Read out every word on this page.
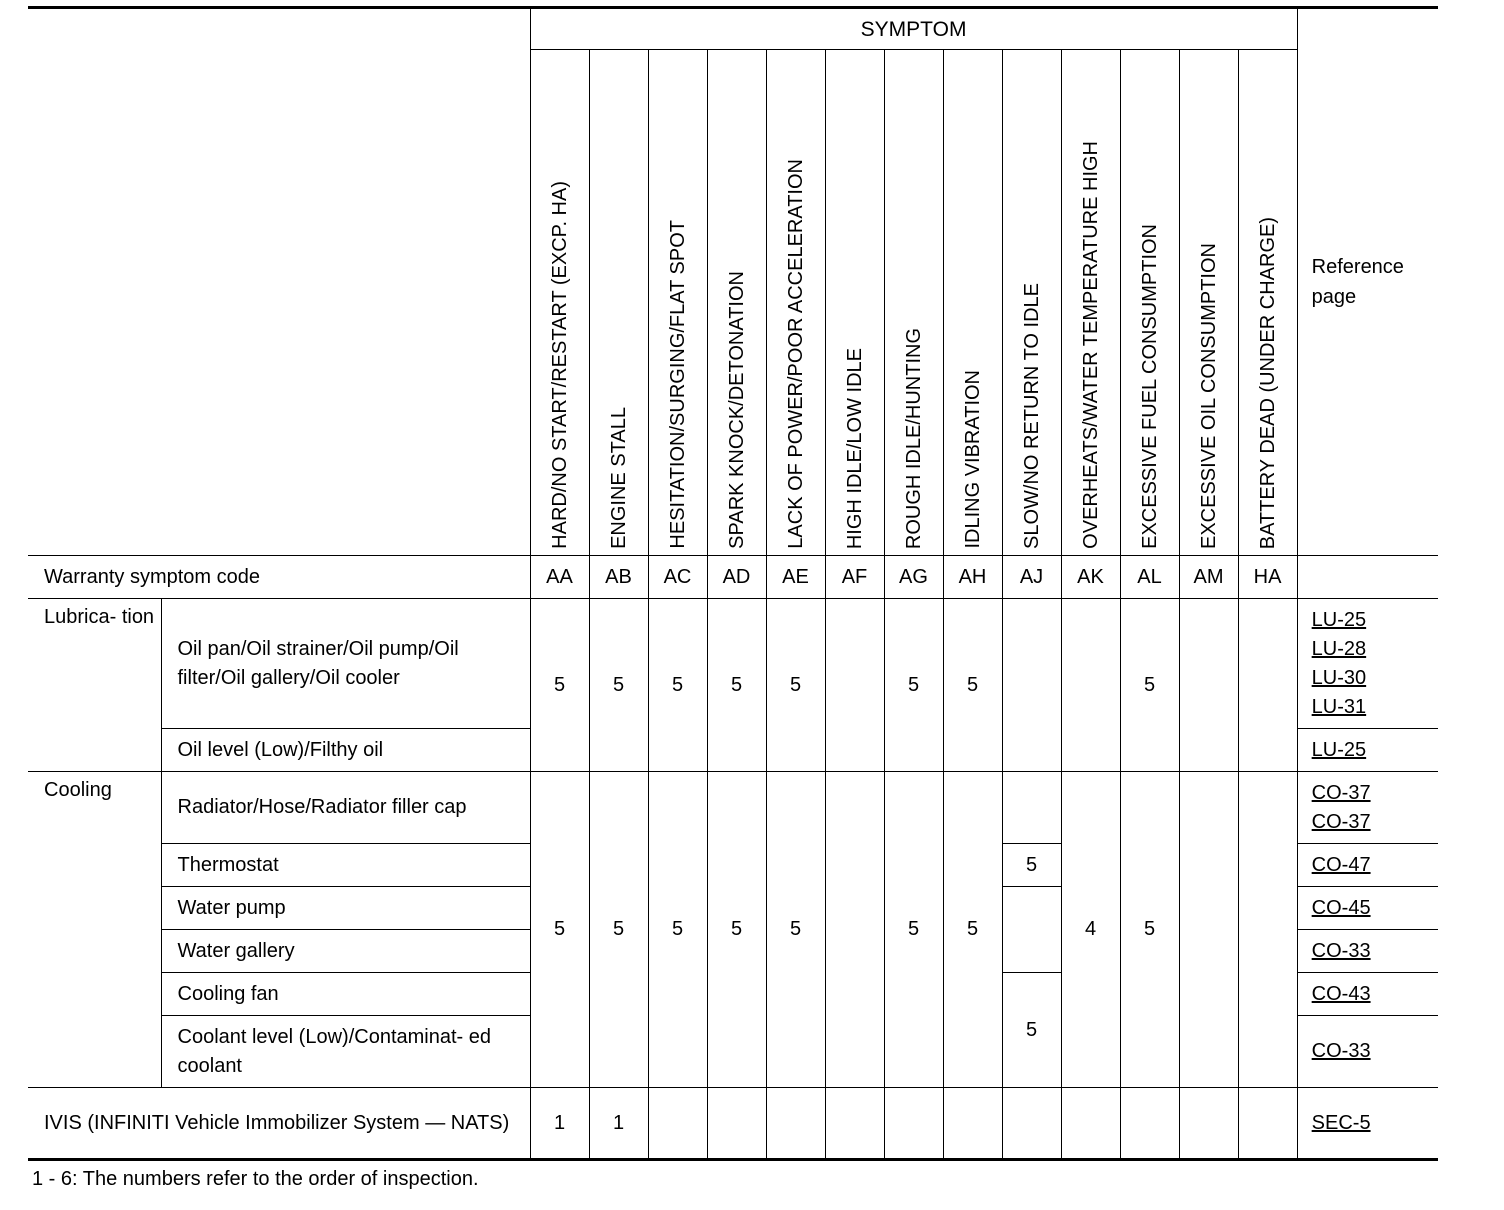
		SYMPTOM													Reference page
		HARD/NO START/RESTART (EXCP. HA)	ENGINE STALL	HESITATION/SURGING/FLAT SPOT	SPARK KNOCK/DETONATION	LACK OF POWER/POOR ACCELERATION	HIGH IDLE/LOW IDLE	ROUGH IDLE/HUNTING	IDLING VIBRATION	SLOW/NO RETURN TO IDLE	OVERHEATS/WATER TEMPERATURE HIGH	EXCESSIVE FUEL CONSUMPTION	EXCESSIVE OIL CONSUMPTION	BATTERY DEAD (UNDER CHARGE)	
Warranty symptom code		AA	AB	AC	AD	AE	AF	AG	AH	AJ	AK	AL	AM	HA	
Lubrica- tion	Oil pan/Oil strainer/Oil pump/Oil filter/Oil gallery/Oil cooler	5	5	5	5	5		5	5			5			LU-25
LU-28
LU-30
LU-31

	Oil level (Low)/Filthy oil														LU-25

Cooling	Radiator/Hose/Radiator filler cap	5	5	5	5	5		5	5		4	5			CO-37
CO-37

	Thermostat									5					CO-47

	Water pump														CO-45

	Water gallery														CO-33

	Cooling fan									5					CO-43

	Coolant level (Low)/Contaminat- ed coolant														CO-33

IVIS (INFINITI Vehicle Immobilizer System — NATS)		1	1												SEC-5
1 - 6: The numbers refer to the order of inspection.
